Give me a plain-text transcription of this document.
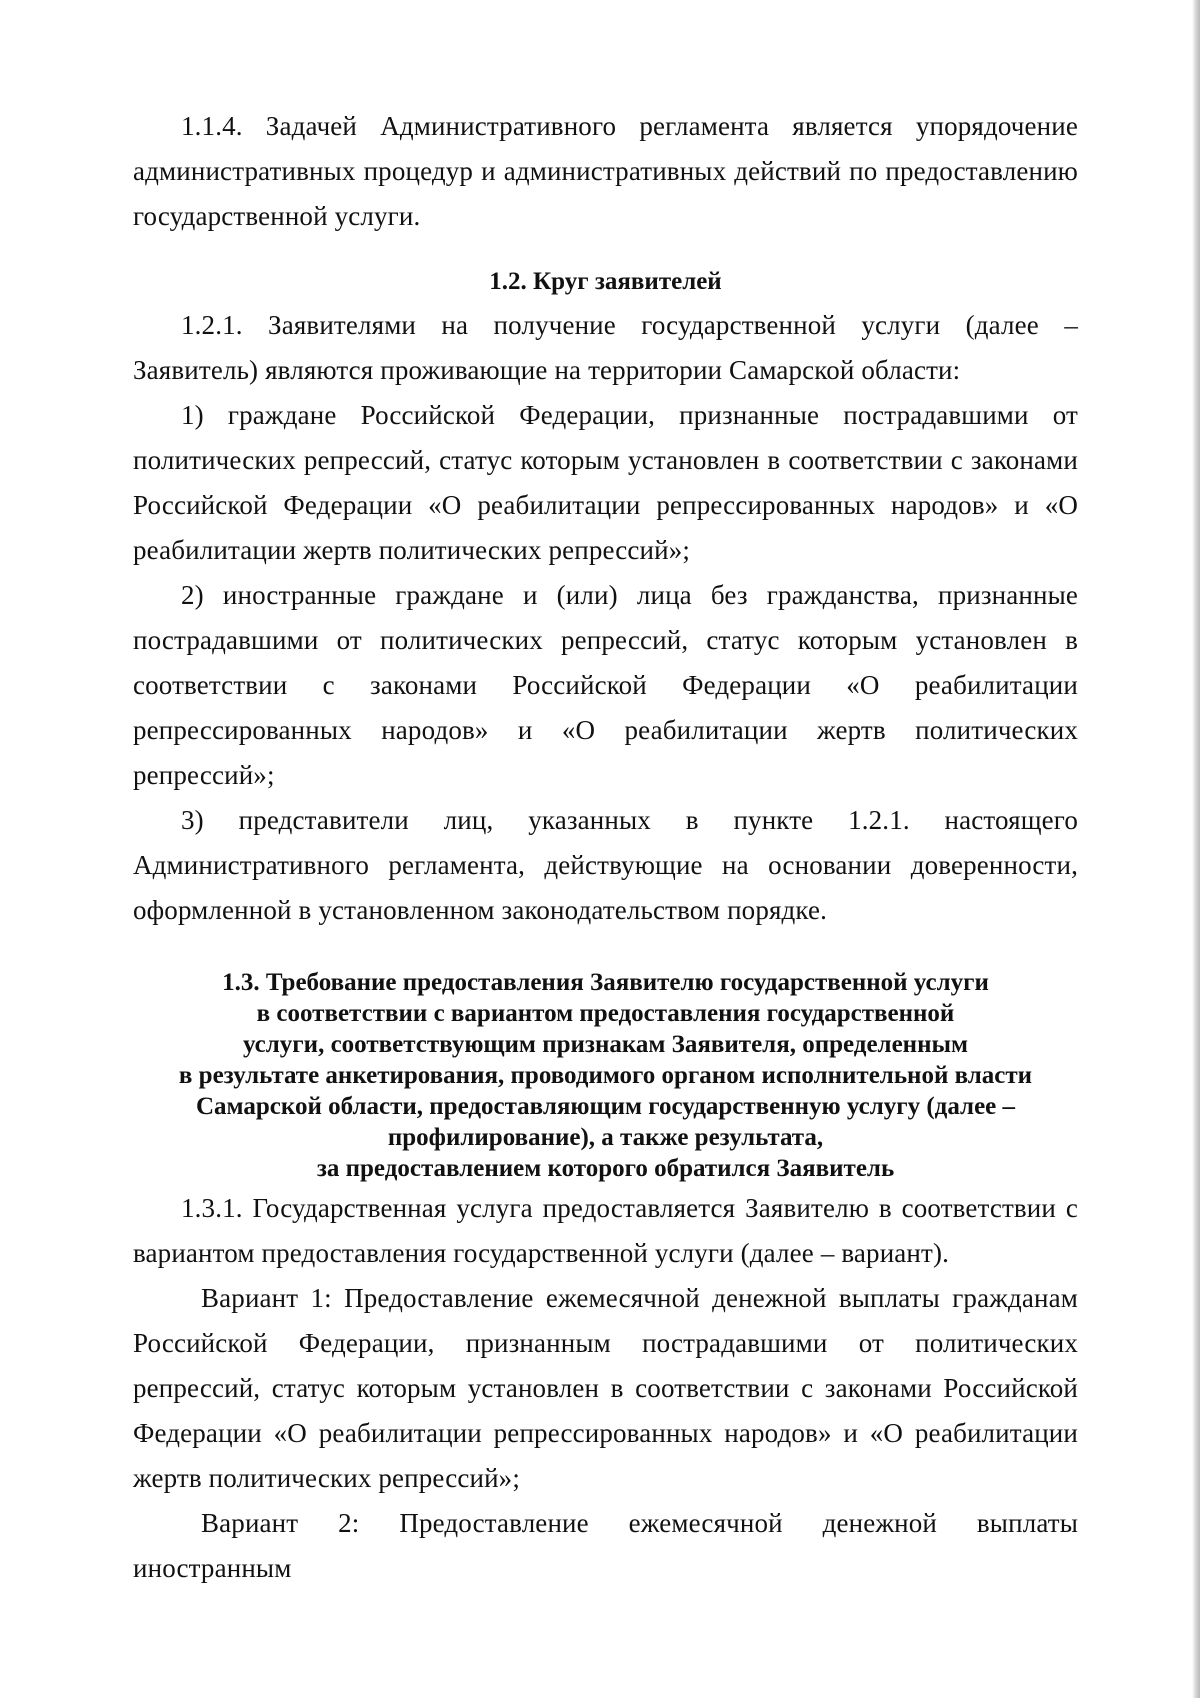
1.1.4. Задачей Административного регламента является упорядочение административных процедур и административных действий по предоставлению государственной услуги.

1.2. Круг заявителей

1.2.1. Заявителями на получение государственной услуги (далее – Заявитель) являются проживающие на территории Самарской области:

1) граждане Российской Федерации, признанные пострадавшими от политических репрессий, статус которым установлен в соответствии с законами Российской Федерации «О реабилитации репрессированных народов» и «О реабилитации жертв политических репрессий»;

2) иностранные граждане и (или) лица без гражданства, признанные пострадавшими от политических репрессий, статус которым установлен в соответствии с законами Российской Федерации «О реабилитации репрессированных народов» и «О реабилитации жертв политических репрессий»;

3) представители лиц, указанных в пункте 1.2.1. настоящего Административного регламента, действующие на основании доверенности, оформленной в установленном законодательством порядке.

1.3. Требование предоставления Заявителю государственной услуги
в соответствии с вариантом предоставления государственной
услуги, соответствующим признакам Заявителя, определенным
в результате анкетирования, проводимого органом исполнительной власти
Самарской области, предоставляющим государственную услугу (далее –
профилирование), а также результата,
за предоставлением которого обратился Заявитель

1.3.1. Государственная услуга предоставляется Заявителю в соответствии с вариантом предоставления государственной услуги (далее – вариант).

Вариант 1: Предоставление ежемесячной денежной выплаты гражданам Российской Федерации, признанным пострадавшими от политических репрессий, статус которым установлен в соответствии с законами Российской Федерации «О реабилитации репрессированных народов» и «О реабилитации жертв политических репрессий»;

Вариант 2: Предоставление ежемесячной денежной выплаты иностранным
